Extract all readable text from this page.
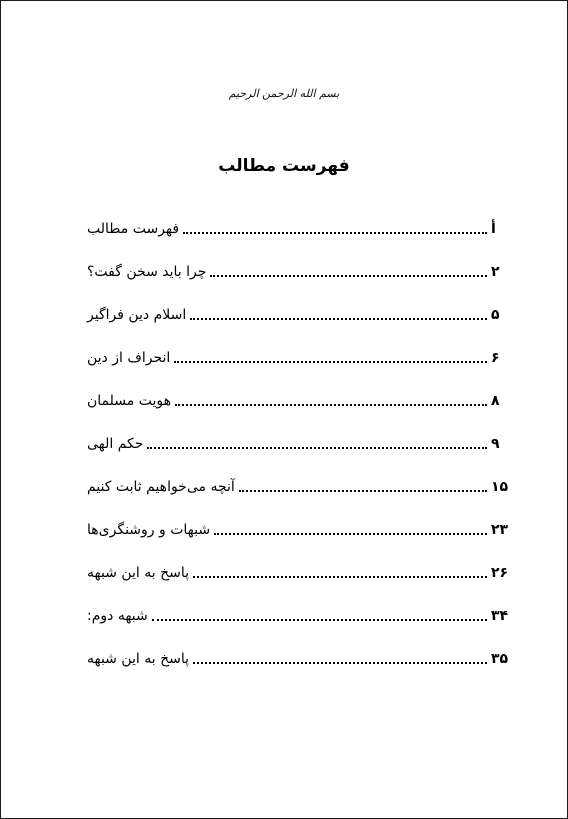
بسم الله الرحمن الرحیم
فهرست مطالب
فهرست مطالب	أ
چرا باید سخن گفت؟	۲
اسلام دین فراگیر	۵
انحراف از دین	۶
هویت مسلمان	۸
حکم الهی	۹
آنچه می‌خواهیم ثابت کنیم	۱۵
شبهات و روشنگری‌ها	۲۳
پاسخ به این شبهه	۲۶
شبهه دوم:	۳۴
پاسخ به این شبهه	۳۵
